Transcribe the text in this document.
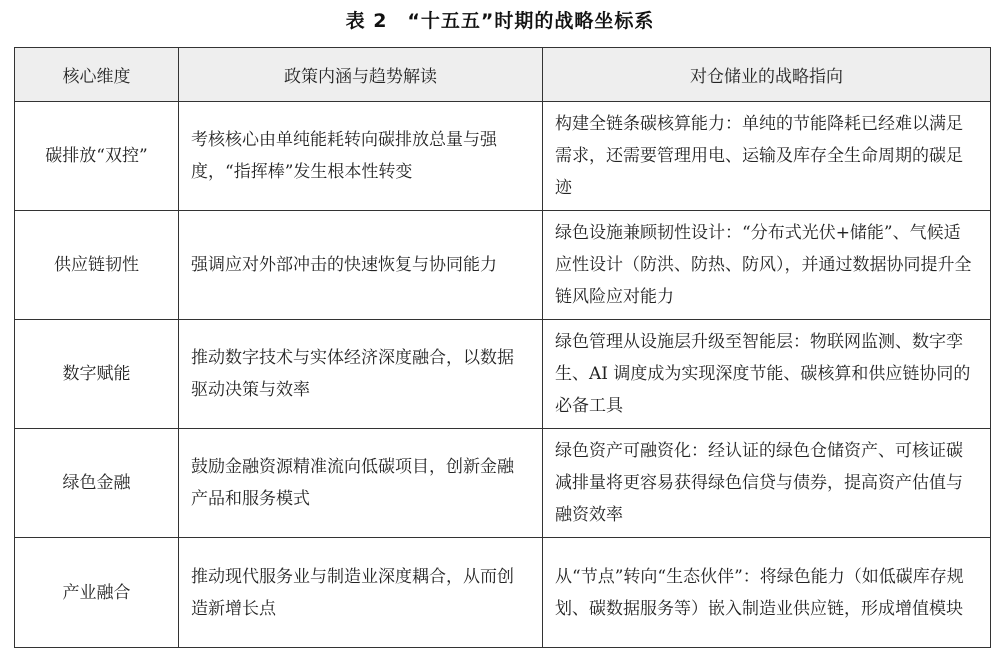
表 2　“十五五”时期的战略坐标系
核心维度	政策内涵与趋势解读	对仓储业的战略指向
碳排放“双控”	考核核心由单纯能耗转向碳排放总量与强度，“指挥棒”发生根本性转变	构建全链条碳核算能力：单纯的节能降耗已经难以满足需求，还需要管理用电、运输及库存全生命周期的碳足迹
供应链韧性	强调应对外部冲击的快速恢复与协同能力	绿色设施兼顾韧性设计：“分布式光伏+储能”、气候适应性设计（防洪、防热、防风），并通过数据协同提升全链风险应对能力
数字赋能	推动数字技术与实体经济深度融合，以数据驱动决策与效率	绿色管理从设施层升级至智能层：物联网监测、数字孪生、AI 调度成为实现深度节能、碳核算和供应链协同的必备工具
绿色金融	鼓励金融资源精准流向低碳项目，创新金融产品和服务模式	绿色资产可融资化：经认证的绿色仓储资产、可核证碳减排量将更容易获得绿色信贷与债券，提高资产估值与融资效率
产业融合	推动现代服务业与制造业深度耦合，从而创造新增长点	从“节点”转向“生态伙伴”：将绿色能力（如低碳库存规划、碳数据服务等）嵌入制造业供应链，形成增值模块
